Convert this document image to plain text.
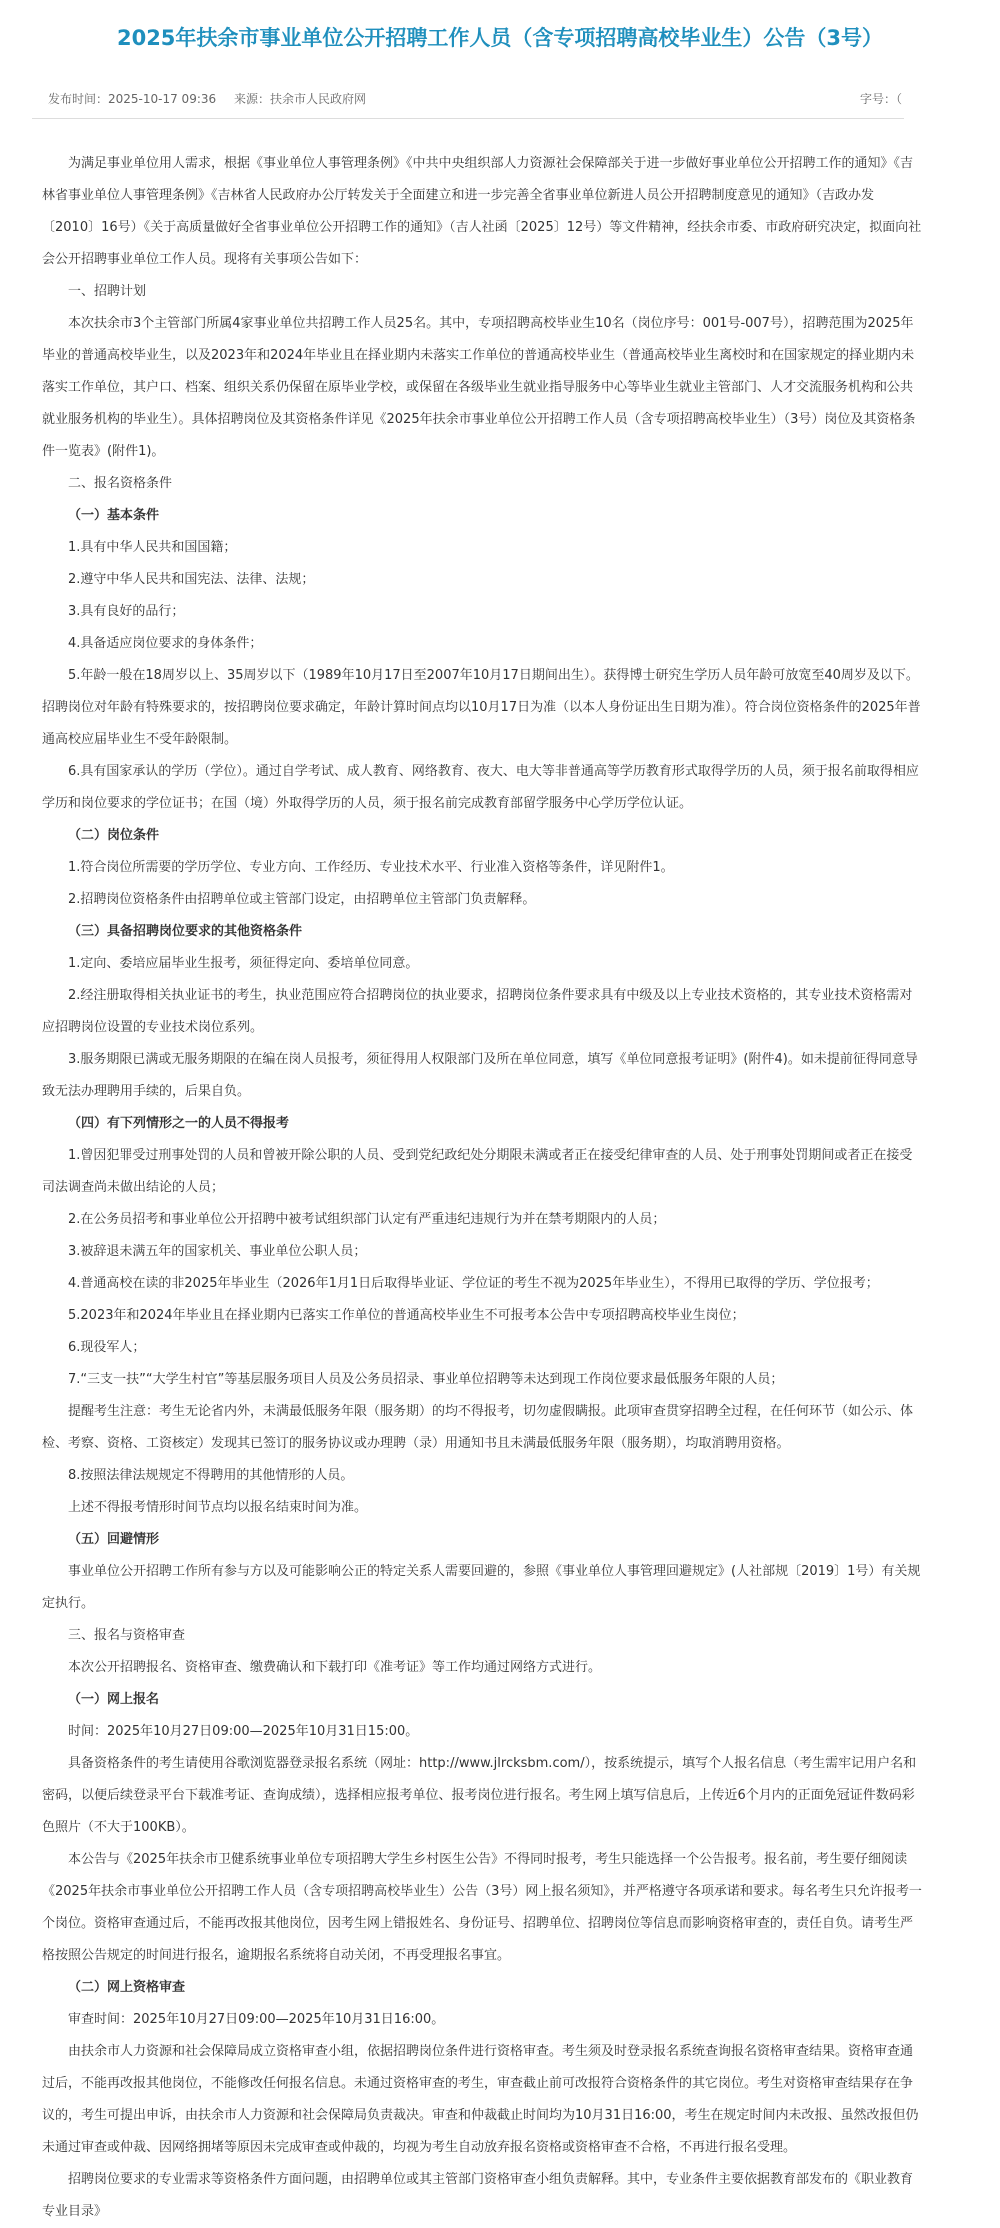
2025年扶余市事业单位公开招聘工作人员（含专项招聘高校毕业生）公告（3号）
发布时间：2025-10-17 09:36 来源：扶余市人民政府网	字号：（

为满足事业单位用人需求，根据《事业单位人事管理条例》《中共中央组织部人力资源社会保障部关于进一步做好事业单位公开招聘工作的通知》《吉林省事业单位人事管理条例》《吉林省人民政府办公厅转发关于全面建立和进一步完善全省事业单位新进人员公开招聘制度意见的通知》（吉政办发〔2010〕16号）《关于高质量做好全省事业单位公开招聘工作的通知》（吉人社函〔2025〕12号）等文件精神，经扶余市委、市政府研究决定，拟面向社会公开招聘事业单位工作人员。现将有关事项公告如下：

一、招聘计划

本次扶余市3个主管部门所属4家事业单位共招聘工作人员25名。其中，专项招聘高校毕业生10名（岗位序号：001号-007号），招聘范围为2025年毕业的普通高校毕业生，以及2023年和2024年毕业且在择业期内未落实工作单位的普通高校毕业生（普通高校毕业生离校时和在国家规定的择业期内未落实工作单位，其户口、档案、组织关系仍保留在原毕业学校，或保留在各级毕业生就业指导服务中心等毕业生就业主管部门、人才交流服务机构和公共就业服务机构的毕业生）。具体招聘岗位及其资格条件详见《2025年扶余市事业单位公开招聘工作人员（含专项招聘高校毕业生）（3号）岗位及其资格条件一览表》(附件1)。

二、报名资格条件

（一）基本条件

1.具有中华人民共和国国籍；

2.遵守中华人民共和国宪法、法律、法规；

3.具有良好的品行；

4.具备适应岗位要求的身体条件；

5.年龄一般在18周岁以上、35周岁以下（1989年10月17日至2007年10月17日期间出生）。获得博士研究生学历人员年龄可放宽至40周岁及以下。招聘岗位对年龄有特殊要求的，按招聘岗位要求确定，年龄计算时间点均以10月17日为准（以本人身份证出生日期为准）。符合岗位资格条件的2025年普通高校应届毕业生不受年龄限制。

6.具有国家承认的学历（学位）。通过自学考试、成人教育、网络教育、夜大、电大等非普通高等学历教育形式取得学历的人员，须于报名前取得相应学历和岗位要求的学位证书；在国（境）外取得学历的人员，须于报名前完成教育部留学服务中心学历学位认证。

（二）岗位条件

1.符合岗位所需要的学历学位、专业方向、工作经历、专业技术水平、行业准入资格等条件，详见附件1。

2.招聘岗位资格条件由招聘单位或主管部门设定，由招聘单位主管部门负责解释。

（三）具备招聘岗位要求的其他资格条件

1.定向、委培应届毕业生报考，须征得定向、委培单位同意。

2.经注册取得相关执业证书的考生，执业范围应符合招聘岗位的执业要求，招聘岗位条件要求具有中级及以上专业技术资格的，其专业技术资格需对应招聘岗位设置的专业技术岗位系列。

3.服务期限已满或无服务期限的在编在岗人员报考，须征得用人权限部门及所在单位同意，填写《单位同意报考证明》(附件4)。如未提前征得同意导致无法办理聘用手续的，后果自负。

（四）有下列情形之一的人员不得报考

1.曾因犯罪受过刑事处罚的人员和曾被开除公职的人员、受到党纪政纪处分期限未满或者正在接受纪律审查的人员、处于刑事处罚期间或者正在接受司法调查尚未做出结论的人员；

2.在公务员招考和事业单位公开招聘中被考试组织部门认定有严重违纪违规行为并在禁考期限内的人员；

3.被辞退未满五年的国家机关、事业单位公职人员；

4.普通高校在读的非2025年毕业生（2026年1月1日后取得毕业证、学位证的考生不视为2025年毕业生），不得用已取得的学历、学位报考；

5.2023年和2024年毕业且在择业期内已落实工作单位的普通高校毕业生不可报考本公告中专项招聘高校毕业生岗位；

6.现役军人；

7.“三支一扶”“大学生村官”等基层服务项目人员及公务员招录、事业单位招聘等未达到现工作岗位要求最低服务年限的人员；

提醒考生注意：考生无论省内外，未满最低服务年限（服务期）的均不得报考，切勿虚假瞒报。此项审查贯穿招聘全过程，在任何环节（如公示、体检、考察、资格、工资核定）发现其已签订的服务协议或办理聘（录）用通知书且未满最低服务年限（服务期），均取消聘用资格。

8.按照法律法规规定不得聘用的其他情形的人员。

上述不得报考情形时间节点均以报名结束时间为准。

（五）回避情形

事业单位公开招聘工作所有参与方以及可能影响公正的特定关系人需要回避的，参照《事业单位人事管理回避规定》(人社部规〔2019〕1号）有关规定执行。

三、报名与资格审查

本次公开招聘报名、资格审查、缴费确认和下载打印《准考证》等工作均通过网络方式进行。

（一）网上报名

时间：2025年10月27日09:00—2025年10月31日15:00。

具备资格条件的考生请使用谷歌浏览器登录报名系统（网址：http://www.jlrcksbm.com/），按系统提示，填写个人报名信息（考生需牢记用户名和密码，以便后续登录平台下载准考证、查询成绩），选择相应报考单位、报考岗位进行报名。考生网上填写信息后，上传近6个月内的正面免冠证件数码彩色照片（不大于100KB）。

本公告与《2025年扶余市卫健系统事业单位专项招聘大学生乡村医生公告》不得同时报考，考生只能选择一个公告报考。报名前，考生要仔细阅读《2025年扶余市事业单位公开招聘工作人员（含专项招聘高校毕业生）公告（3号）网上报名须知》，并严格遵守各项承诺和要求。每名考生只允许报考一个岗位。资格审查通过后，不能再改报其他岗位，因考生网上错报姓名、身份证号、招聘单位、招聘岗位等信息而影响资格审查的，责任自负。请考生严格按照公告规定的时间进行报名，逾期报名系统将自动关闭，不再受理报名事宜。

（二）网上资格审查

审查时间：2025年10月27日09:00—2025年10月31日16:00。

由扶余市人力资源和社会保障局成立资格审查小组，依据招聘岗位条件进行资格审查。考生须及时登录报名系统查询报名资格审查结果。资格审查通过后，不能再改报其他岗位，不能修改任何报名信息。未通过资格审查的考生，审查截止前可改报符合资格条件的其它岗位。考生对资格审查结果存在争议的，考生可提出申诉，由扶余市人力资源和社会保障局负责裁决。审查和仲裁截止时间均为10月31日16:00，考生在规定时间内未改报、虽然改报但仍未通过审查或仲裁、因网络拥堵等原因未完成审查或仲裁的，均视为考生自动放弃报名资格或资格审查不合格，不再进行报名受理。

招聘岗位要求的专业需求等资格条件方面问题，由招聘单位或其主管部门资格审查小组负责解释。其中，专业条件主要依据教育部发布的《职业教育专业目录》
